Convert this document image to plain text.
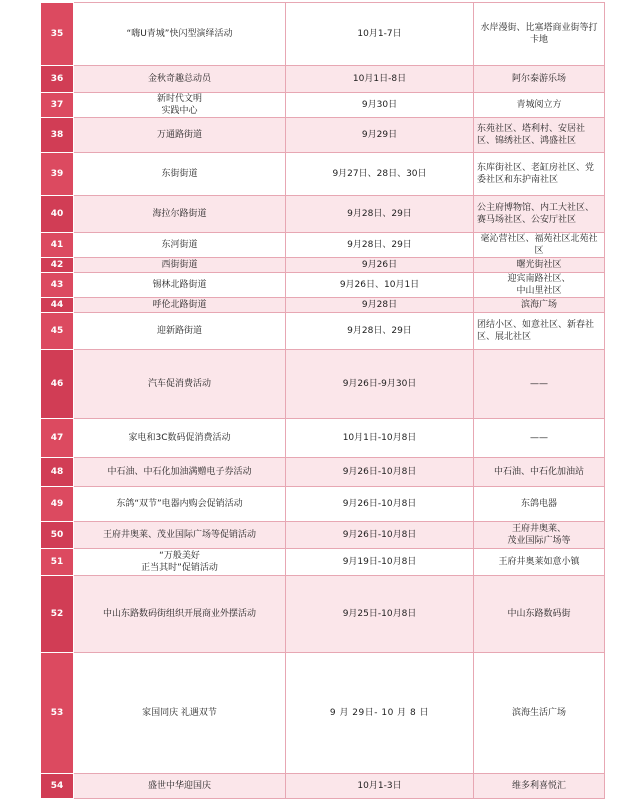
35	“嗨U青城”快闪型演绎活动	10月1-7日	水岸漫街、比塞塔商业街等打卡地
36	金秋奇趣总动员	10月1日-8日	阿尔泰游乐场
37	新时代文明
实践中心	9月30日	青城阅立方
38	万通路街道	9月29日	东苑社区、塔利村、安居社区、锦绣社区、鸿盛社区
39	东街街道	9月27日、28日、30日	东库街社区、老缸房社区、党委社区和东护南社区
40	海拉尔路街道	9月28日、29日	公主府博物馆、内工大社区、赛马场社区、公安厅社区
41	东河街道	9月28日、29日	毫沁营社区、福苑社区北苑社区
42	西街街道	9月26日	曙光街社区
43	锡林北路街道	9月26日、10月1日	迎宾南路社区、
中山里社区
44	呼伦北路街道	9月28日	滨海广场
45	迎新路街道	9月28日、29日	团结小区、如意社区、新春社区、展北社区
46	汽车促消费活动	9月26日-9月30日	——
47	家电和3C数码促消费活动	10月1日-10月8日	——
48	中石油、中石化加油满赠电子券活动	9月26日-10月8日	中石油、中石化加油站
49	东鸽“双节”电器内购会促销活动	9月26日-10月8日	东鸽电器
50	王府井奥莱、茂业国际广场等促销活动	9月26日-10月8日	王府井奥莱、
茂业国际广场等
51	“万般美好
正当其时”促销活动	9月19日-10月8日	王府井奥莱如意小镇
52	中山东路数码街组织开展商业外摆活动	9月25日-10月8日	中山东路数码街
53	家国同庆 礼遇双节	9 月 29日- 10 月 8 日	滨海生活广场
54	盛世中华迎国庆	10月1-3日	维多利喜悦汇
